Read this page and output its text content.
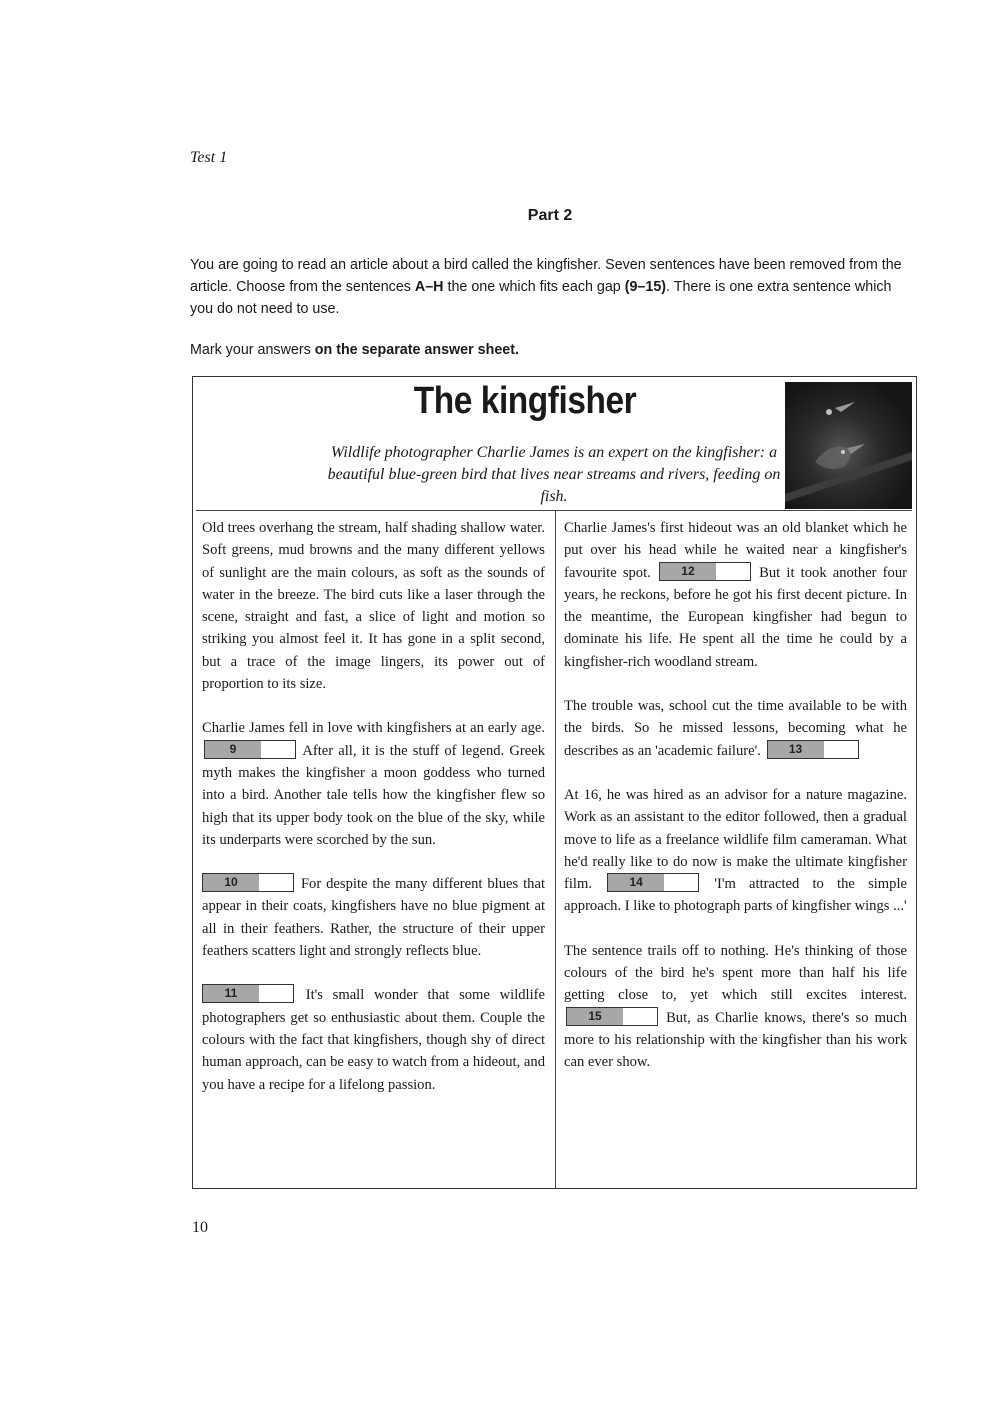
Test 1
Part 2
You are going to read an article about a bird called the kingfisher. Seven sentences have been removed from the article. Choose from the sentences A–H the one which fits each gap (9–15). There is one extra sentence which you do not need to use.
Mark your answers on the separate answer sheet.
The kingfisher
Wildlife photographer Charlie James is an expert on the kingfisher: a beautiful blue-green bird that lives near streams and rivers, feeding on fish.

Old trees overhang the stream, half shading shallow water. Soft greens, mud browns and the many different yellows of sunlight are the main colours, as soft as the sounds of water in the breeze. The bird cuts like a laser through the scene, straight and fast, a slice of light and motion so striking you almost feel it. It has gone in a split second, but a trace of the image lingers, its power out of proportion to its size.

Charlie James fell in love with kingfishers at an early age.
9	After all, it is the stuff of legend. Greek myth makes the kingfisher a moon goddess who turned into a bird. Another tale tells how the kingfisher flew so high that its upper body took on the blue of the sky, while its underparts were scorched by the sun.

10	For despite the many different blues that appear in their coats, kingfishers have no blue pigment at all in their feathers. Rather, the structure of their upper feathers scatters light and strongly reflects blue.

11	It's small wonder that some wildlife photographers get so enthusiastic about them. Couple the colours with the fact that kingfishers, though shy of direct human approach, can be easy to watch from a hideout, and you have a recipe for a lifelong passion.

Charlie James's first hideout was an old blanket which he put over his head while he waited near a kingfisher's favourite spot.	12	But it took another four years, he reckons, before he got his first decent picture. In the meantime, the European kingfisher had begun to dominate his life. He spent all the time he could by a kingfisher-rich woodland stream.

The trouble was, school cut the time available to be with the birds. So he missed lessons, becoming what he describes as an 'academic failure'.	13

At 16, he was hired as an advisor for a nature magazine. Work as an assistant to the editor followed, then a gradual move to life as a freelance wildlife film cameraman. What he'd really like to do now is make the ultimate kingfisher film.	14	'I'm attracted to the simple approach. I like to photograph parts of kingfisher wings ...'

The sentence trails off to nothing. He's thinking of those colours of the bird he's spent more than half his life getting close to, yet which still excites interest.
15	But, as Charlie knows, there's so much more to his relationship with the kingfisher than his work can ever show.

10
